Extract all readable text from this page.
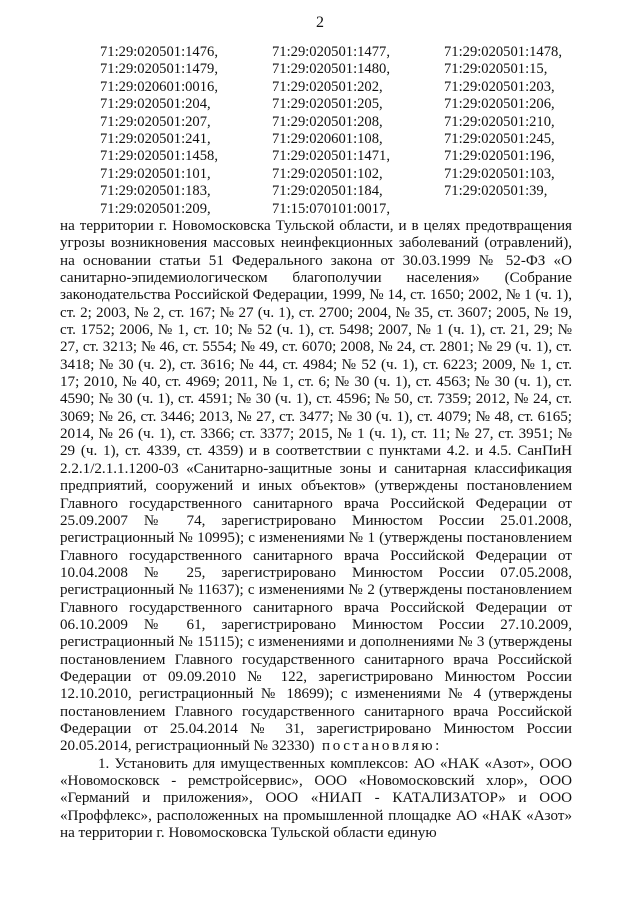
2
71:29:020501:1476,	71:29:020501:1477,	71:29:020501:1478,
71:29:020501:1479,	71:29:020501:1480,	71:29:020501:15,
71:29:020601:0016,	71:29:020501:202,	71:29:020501:203,
71:29:020501:204,	71:29:020501:205,	71:29:020501:206,
71:29:020501:207,	71:29:020501:208,	71:29:020501:210,
71:29:020501:241,	71:29:020601:108,	71:29:020501:245,
71:29:020501:1458,	71:29:020501:1471,	71:29:020501:196,
71:29:020501:101,	71:29:020501:102,	71:29:020501:103,
71:29:020501:183,	71:29:020501:184,	71:29:020501:39,
71:29:020501:209,	71:15:070101:0017,	

на территории г. Новомосковска Тульской области, и в целях предотвращения угрозы возникновения массовых неинфекционных заболеваний (отравлений), на основании статьи 51 Федерального закона от 30.03.1999 № 52-ФЗ «О санитарно-эпидемиологическом благополучии населения» (Собрание законодательства Российской Федерации, 1999, № 14, ст. 1650; 2002, № 1 (ч. 1), ст. 2; 2003, № 2, ст. 167; № 27 (ч. 1), ст. 2700; 2004, № 35, ст. 3607; 2005, № 19, ст. 1752; 2006, № 1, ст. 10; № 52 (ч. 1), ст. 5498; 2007, № 1 (ч. 1), ст. 21, 29; № 27, ст. 3213; № 46, ст. 5554; № 49, ст. 6070; 2008, № 24, ст. 2801; № 29 (ч. 1), ст. 3418; № 30 (ч. 2), ст. 3616; № 44, ст. 4984; № 52 (ч. 1), ст. 6223; 2009, № 1, ст. 17; 2010, № 40, ст. 4969; 2011, № 1, ст. 6; № 30 (ч. 1), ст. 4563; № 30 (ч. 1), ст. 4590; № 30 (ч. 1), ст. 4591; № 30 (ч. 1), ст. 4596; № 50, ст. 7359; 2012, № 24, ст. 3069; № 26, ст. 3446; 2013, № 27, ст. 3477; № 30 (ч. 1), ст. 4079; № 48, ст. 6165; 2014, № 26 (ч. 1), ст. 3366; ст. 3377; 2015, № 1 (ч. 1), ст. 11; № 27, ст. 3951; № 29 (ч. 1), ст. 4339, ст. 4359) и в соответствии с пунктами 4.2. и 4.5. СанПиН 2.2.1/2.1.1.1200-03 «Санитарно-защитные зоны и санитарная классификация предприятий, сооружений и иных объектов» (утверждены постановлением Главного государственного санитарного врача Российской Федерации от 25.09.2007 № 74, зарегистрировано Минюстом России 25.01.2008, регистрационный № 10995); с изменениями № 1 (утверждены постановлением Главного государственного санитарного врача Российской Федерации от 10.04.2008 № 25, зарегистрировано Минюстом России 07.05.2008, регистрационный № 11637); с изменениями № 2 (утверждены постановлением Главного государственного санитарного врача Российской Федерации от 06.10.2009 № 61, зарегистрировано Минюстом России 27.10.2009, регистрационный № 15115); с изменениями и дополнениями № 3 (утверждены постановлением Главного государственного санитарного врача Российской Федерации от 09.09.2010 № 122, зарегистрировано Минюстом России 12.10.2010, регистрационный № 18699); с изменениями № 4 (утверждены постановлением Главного государственного санитарного врача Российской Федерации от 25.04.2014 № 31, зарегистрировано Минюстом России 20.05.2014, регистрационный № 32330) постановляю:

1. Установить для имущественных комплексов: АО «НАК «Азот», ООО «Новомосковск - ремстройсервис», ООО «Новомосковский хлор», ООО «Германий и приложения», ООО «НИАП - КАТАЛИЗАТОР» и ООО «Проффлекс», расположенных на промышленной площадке АО «НАК «Азот» на территории г. Новомосковска Тульской области единую
